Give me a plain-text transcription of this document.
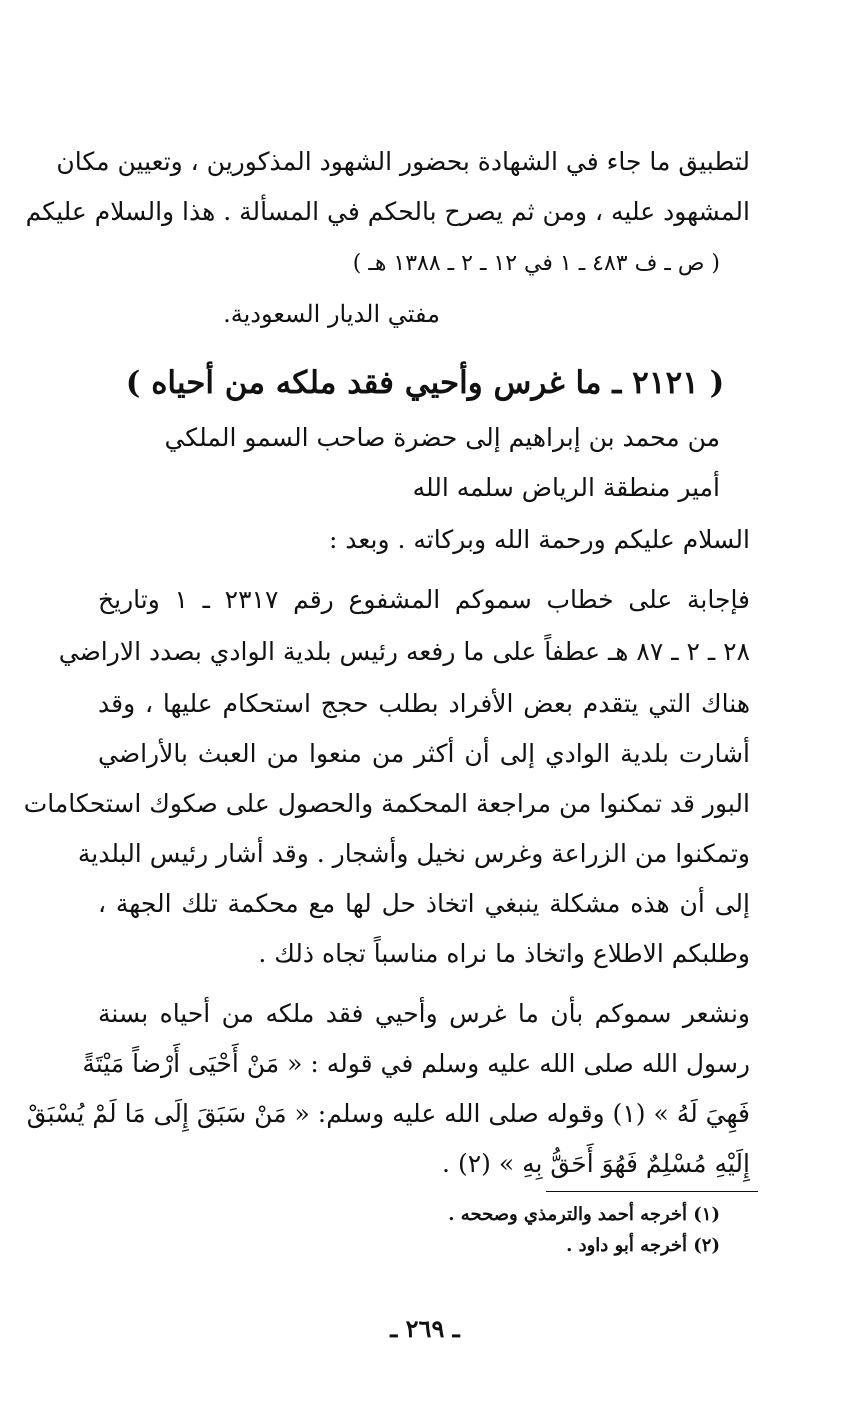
لتطبيق ما جاء في الشهادة بحضور الشهود المذكورين ، وتعيين مكان
المشهود عليه ، ومن ثم يصرح بالحكم في المسألة . هذا والسلام عليكم
( ص ـ ف ٤٨٣ ـ ١ في ١٢ ـ ٢ ـ ١٣٨٨ هـ )
مفتي الديار السعودية.
( ٢١٢١ ـ ما غرس وأحيي فقد ملكه من أحياه )
من محمد بن إبراهيم إلى حضرة صاحب السمو الملكي
أمير منطقة الرياض سلمه الله
السلام عليكم ورحمة الله وبركاته . وبعد :
فإجابة على خطاب سموكم المشفوع رقم ٢٣١٧ ـ ١ وتاريخ
٢٨ ـ ٢ ـ ٨٧ هـ عطفاً على ما رفعه رئيس بلدية الوادي بصدد الاراضي
هناك التي يتقدم بعض الأفراد بطلب حجج استحكام عليها ، وقد
أشارت بلدية الوادي إلى أن أكثر من منعوا من العبث بالأراضي
البور قد تمكنوا من مراجعة المحكمة والحصول على صكوك استحكامات
وتمكنوا من الزراعة وغرس نخيل وأشجار . وقد أشار رئيس البلدية
إلى أن هذه مشكلة ينبغي اتخاذ حل لها مع محكمة تلك الجهة ،
وطلبكم الاطلاع واتخاذ ما نراه مناسباً تجاه ذلك .
ونشعر سموكم بأن ما غرس وأحيي فقد ملكه من أحياه بسنة
رسول الله صلى الله عليه وسلم في قوله : « مَنْ أَحْيَى أَرْضاً مَيْتَةً
فَهِيَ لَهُ » (١) وقوله صلى الله عليه وسلم: « مَنْ سَبَقَ إِلَى مَا لَمْ يُسْبَقْ
إِلَيْهِ مُسْلِمٌ فَهُوَ أَحَقُّ بِهِ » (٢) .
(١) أخرجه أحمد والترمذي وصححه .
(٢) أخرجه أبو داود .
ـ ٢٦٩ ـ
